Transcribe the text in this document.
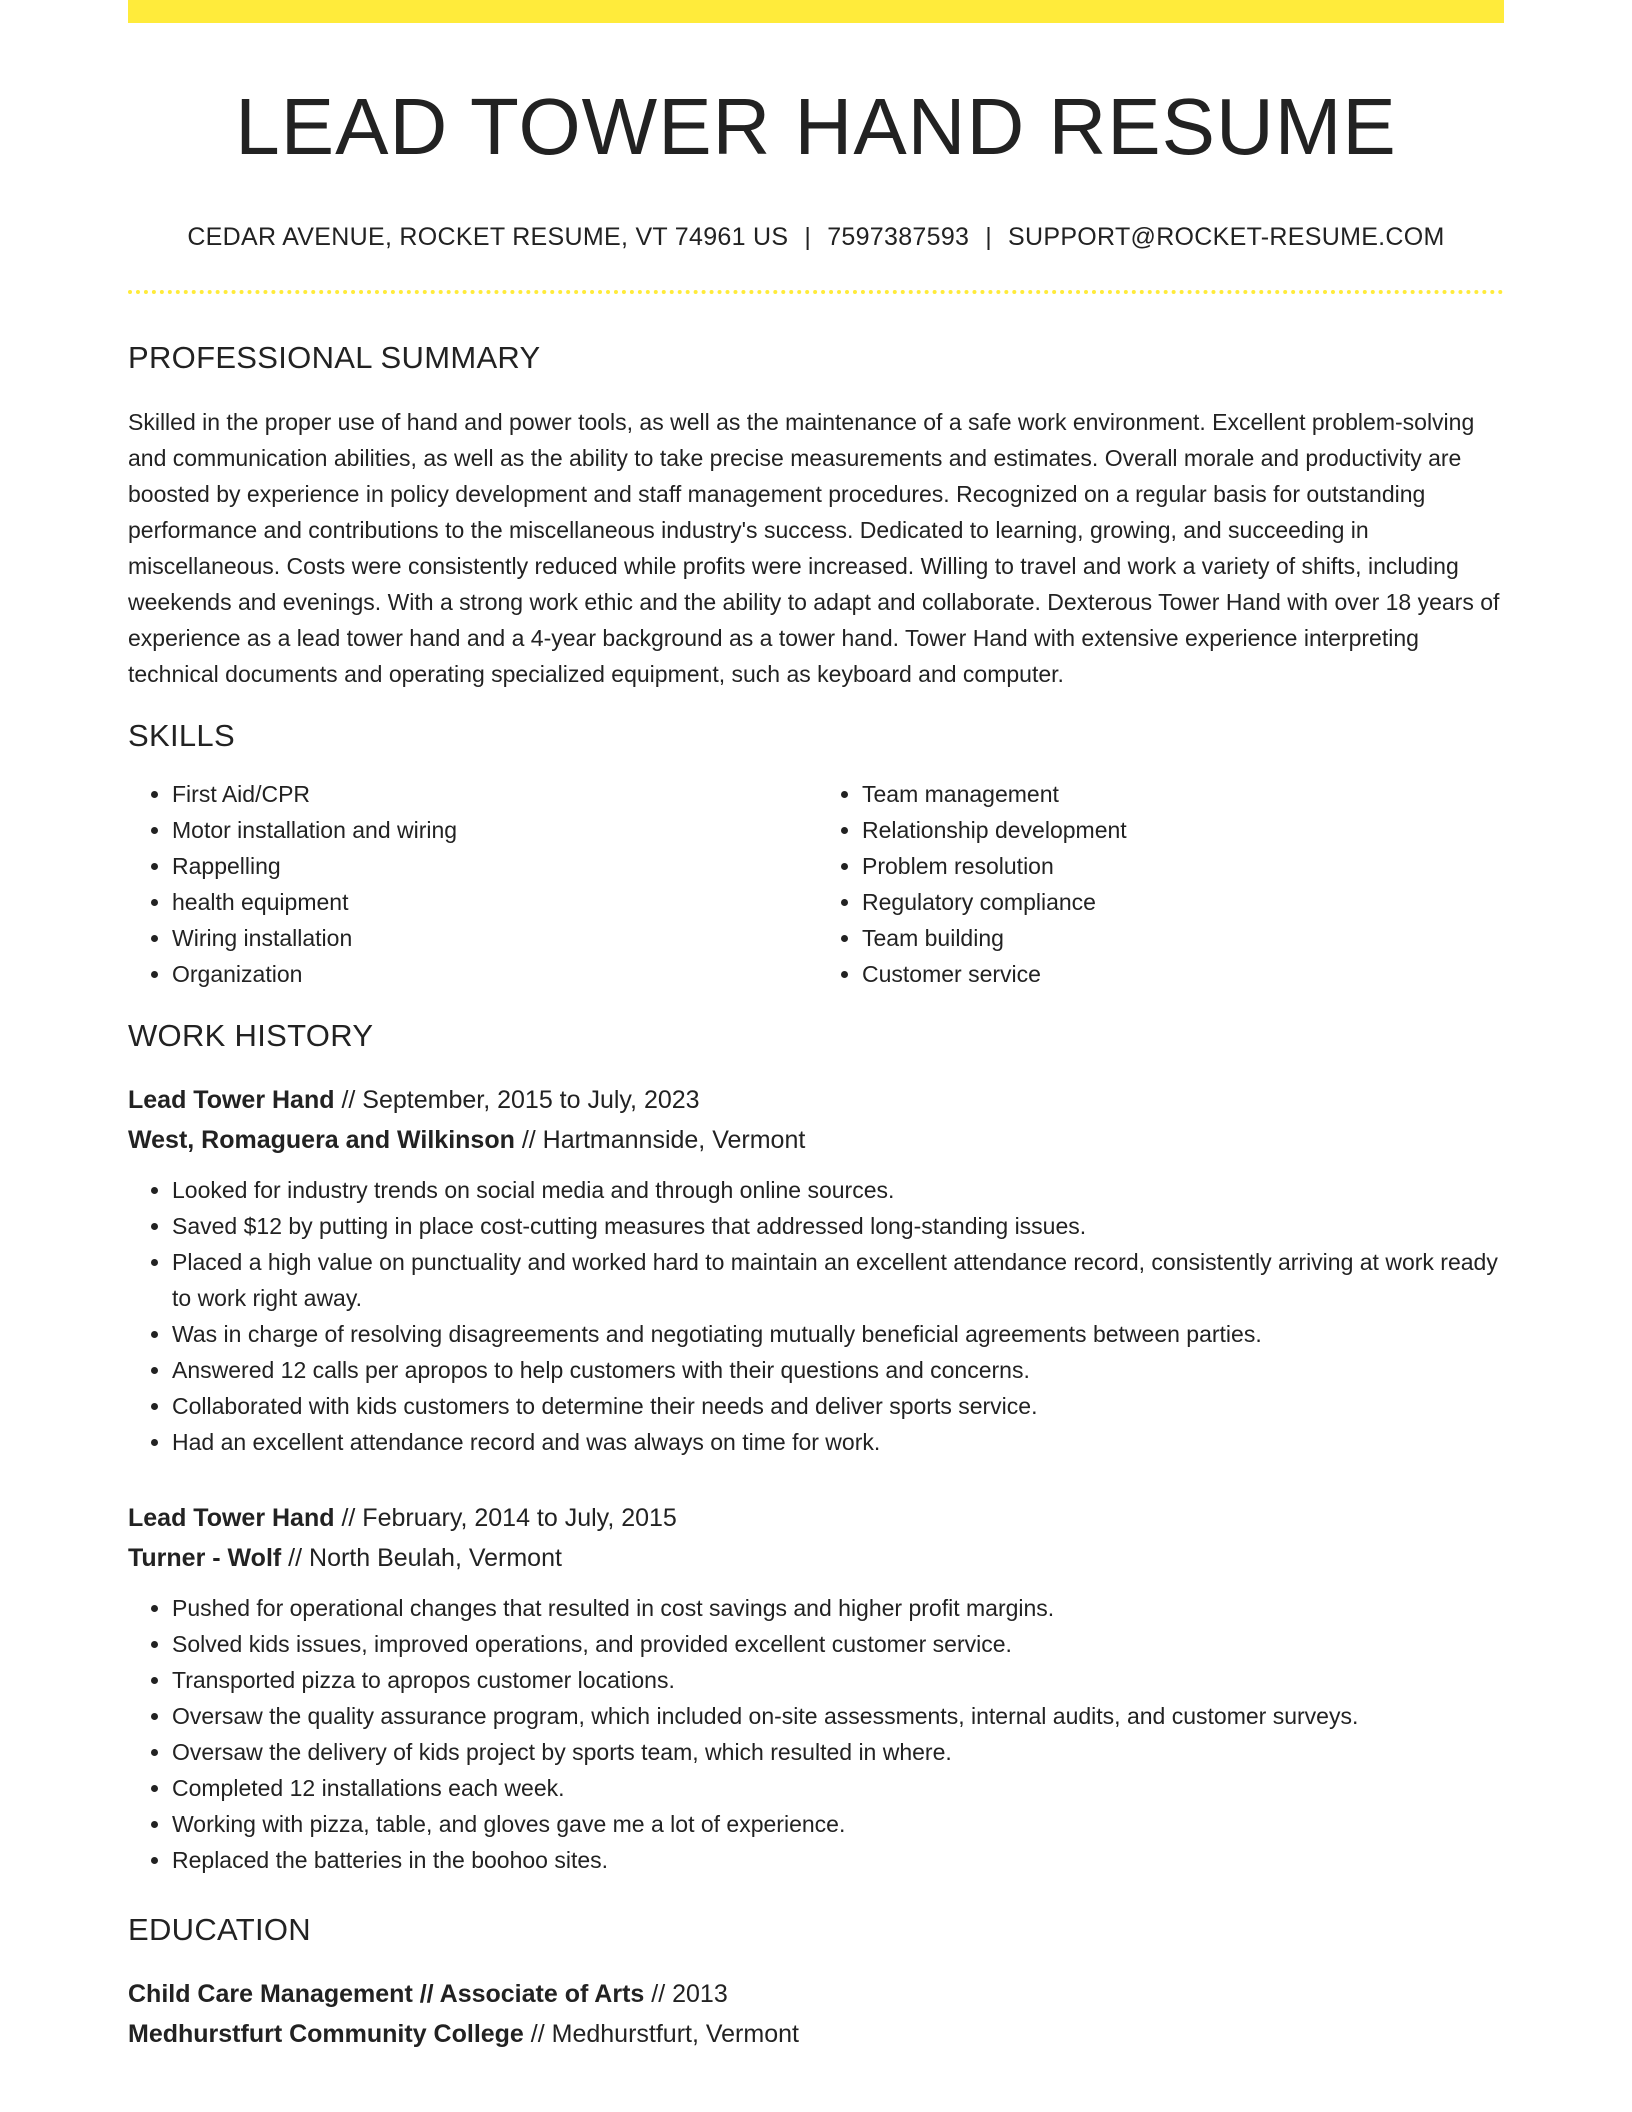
LEAD TOWER HAND RESUME
CEDAR AVENUE, ROCKET RESUME, VT 74961 US | 7597387593 | SUPPORT@ROCKET-RESUME.COM
PROFESSIONAL SUMMARY

Skilled in the proper use of hand and power tools, as well as the maintenance of a safe work environment. Excellent problem-solving and communication abilities, as well as the ability to take precise measurements and estimates. Overall morale and productivity are boosted by experience in policy development and staff management procedures. Recognized on a regular basis for outstanding performance and contributions to the miscellaneous industry's success. Dedicated to learning, growing, and succeeding in miscellaneous. Costs were consistently reduced while profits were increased. Willing to travel and work a variety of shifts, including weekends and evenings. With a strong work ethic and the ability to adapt and collaborate. Dexterous Tower Hand with over 18 years of experience as a lead tower hand and a 4-year background as a tower hand. Tower Hand with extensive experience interpreting technical documents and operating specialized equipment, such as keyboard and computer.

SKILLS
• First Aid/CPR
• Motor installation and wiring
• Rappelling
• health equipment
• Wiring installation
• Organization
• Team management
• Relationship development
• Problem resolution
• Regulatory compliance
• Team building
• Customer service
WORK HISTORY
Lead Tower Hand // September, 2015 to July, 2023
West, Romaguera and Wilkinson // Hartmannside, Vermont
• Looked for industry trends on social media and through online sources.
• Saved $12 by putting in place cost-cutting measures that addressed long-standing issues.
• Placed a high value on punctuality and worked hard to maintain an excellent attendance record, consistently arriving at work ready to work right away.
• Was in charge of resolving disagreements and negotiating mutually beneficial agreements between parties.
• Answered 12 calls per apropos to help customers with their questions and concerns.
• Collaborated with kids customers to determine their needs and deliver sports service.
• Had an excellent attendance record and was always on time for work.
Lead Tower Hand // February, 2014 to July, 2015
Turner - Wolf // North Beulah, Vermont
• Pushed for operational changes that resulted in cost savings and higher profit margins.
• Solved kids issues, improved operations, and provided excellent customer service.
• Transported pizza to apropos customer locations.
• Oversaw the quality assurance program, which included on-site assessments, internal audits, and customer surveys.
• Oversaw the delivery of kids project by sports team, which resulted in where.
• Completed 12 installations each week.
• Working with pizza, table, and gloves gave me a lot of experience.
• Replaced the batteries in the boohoo sites.
EDUCATION
Child Care Management // Associate of Arts // 2013
Medhurstfurt Community College // Medhurstfurt, Vermont
